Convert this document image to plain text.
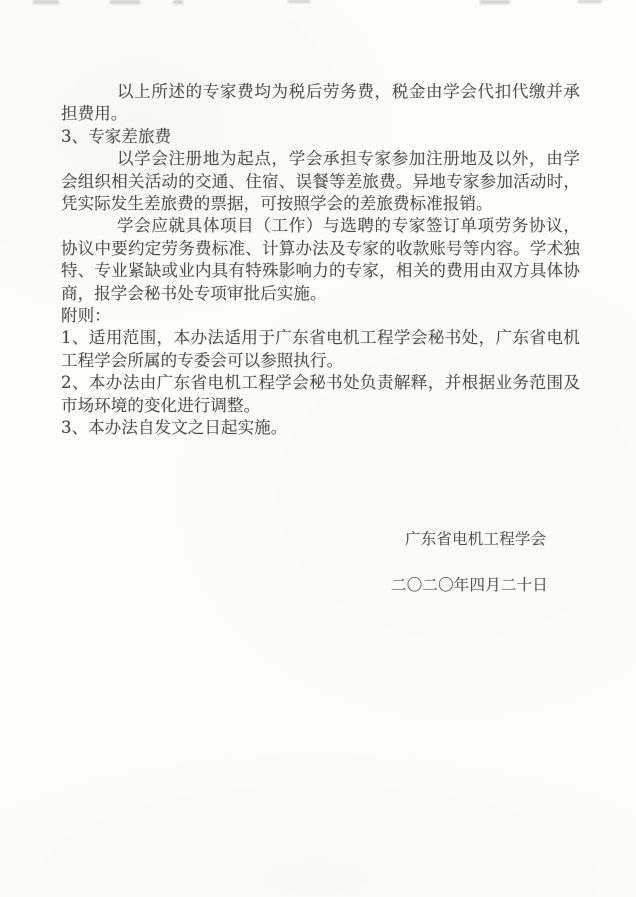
以上所述的专家费均为税后劳务费，税金由学会代扣代缴并承担费用。

3、专家差旅费

以学会注册地为起点，学会承担专家参加注册地及以外，由学会组织相关活动的交通、住宿、误餐等差旅费。异地专家参加活动时，凭实际发生差旅费的票据，可按照学会的差旅费标准报销。

学会应就具体项目（工作）与选聘的专家签订单项劳务协议，协议中要约定劳务费标准、计算办法及专家的收款账号等内容。学术独特、专业紧缺或业内具有特殊影响力的专家，相关的费用由双方具体协商，报学会秘书处专项审批后实施。

附则：

1、适用范围，本办法适用于广东省电机工程学会秘书处，广东省电机工程学会所属的专委会可以参照执行。

2、本办法由广东省电机工程学会秘书处负责解释，并根据业务范围及市场环境的变化进行调整。

3、本办法自发文之日起实施。

广东省电机工程学会
二〇二〇年四月二十日
